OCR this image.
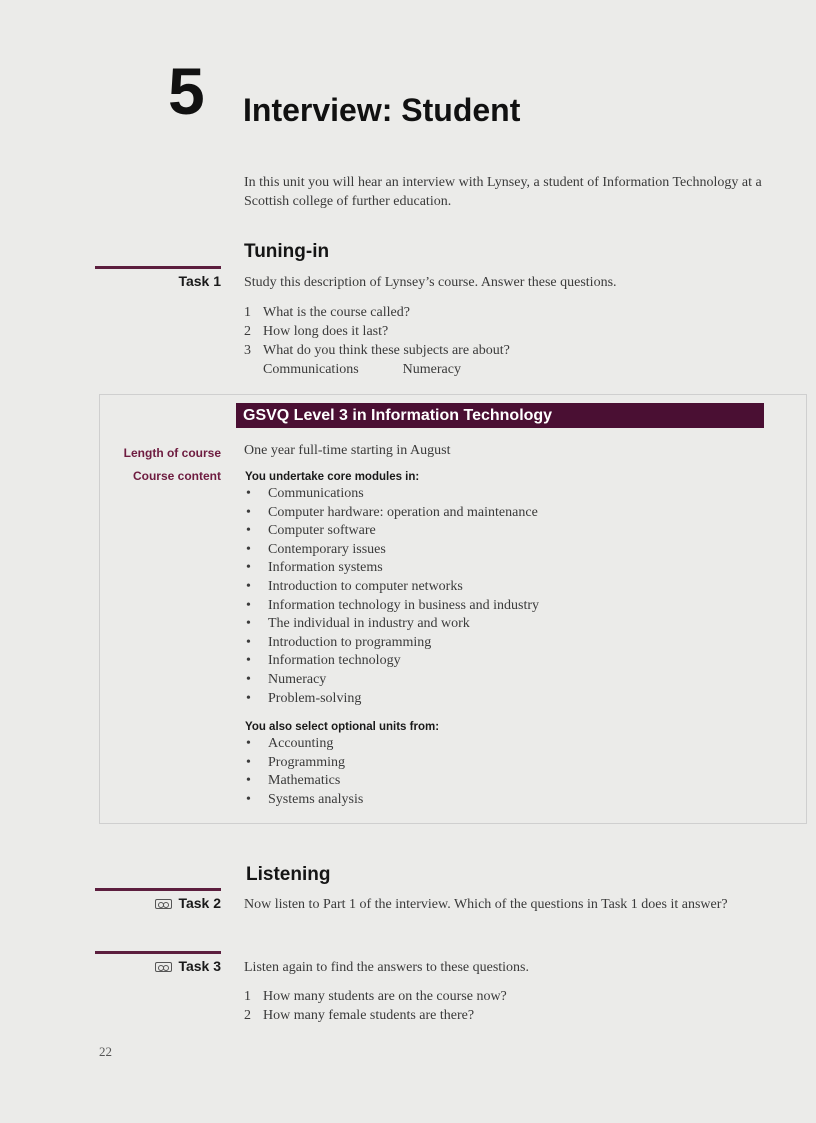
5 Interview: Student
In this unit you will hear an interview with Lynsey, a student of Information Technology at a Scottish college of further education.
Tuning-in
Task 1 Study this description of Lynsey’s course. Answer these questions.
1 What is the course called?
2 How long does it last?
3 What do you think these subjects are about?
Communications	Numeracy
GSVQ Level 3 in Information Technology
Length of course One year full-time starting in August
Course content You undertake core modules in:
•	Communications
•	Computer hardware: operation and maintenance
•	Computer software
•	Contemporary issues
•	Information systems
•	Introduction to computer networks
•	Information technology in business and industry
•	The individual in industry and work
•	Introduction to programming
•	Information technology
•	Numeracy
•	Problem-solving
You also select optional units from:
•	Accounting
•	Programming
•	Mathematics
•	Systems analysis
Listening
Task 2 Now listen to Part 1 of the interview. Which of the questions in Task 1 does it answer?
Task 3 Listen again to find the answers to these questions.
1 How many students are on the course now?
2 How many female students are there?
22
